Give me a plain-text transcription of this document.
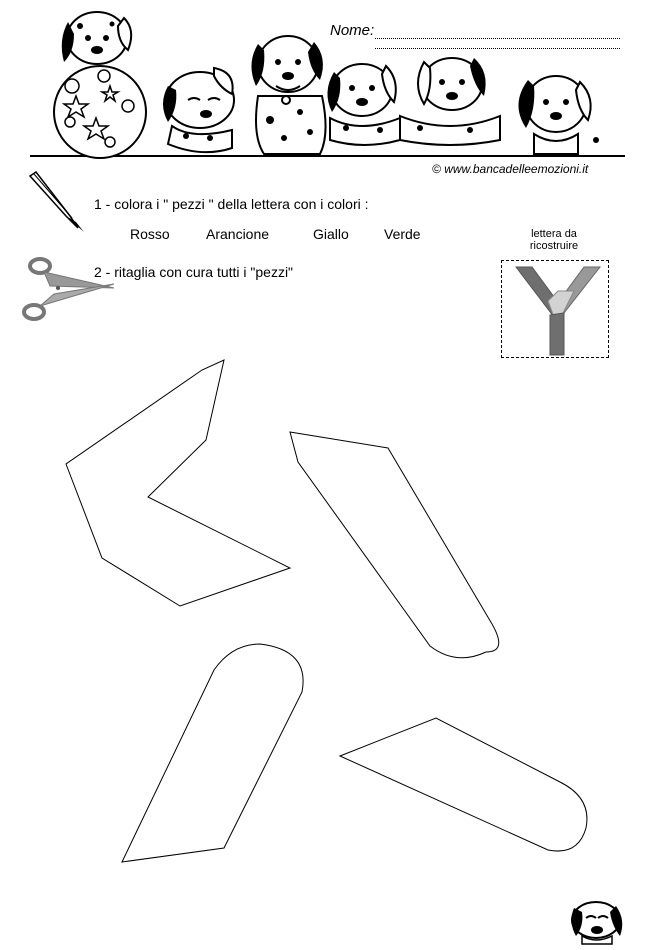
Nome:
© www.bancadelleemozioni.it
1 - colora i " pezzi " della lettera con i colori :
Rosso	Arancione	Giallo	Verde
2 - ritaglia con cura tutti i "pezzi"
lettera da
ricostruire
